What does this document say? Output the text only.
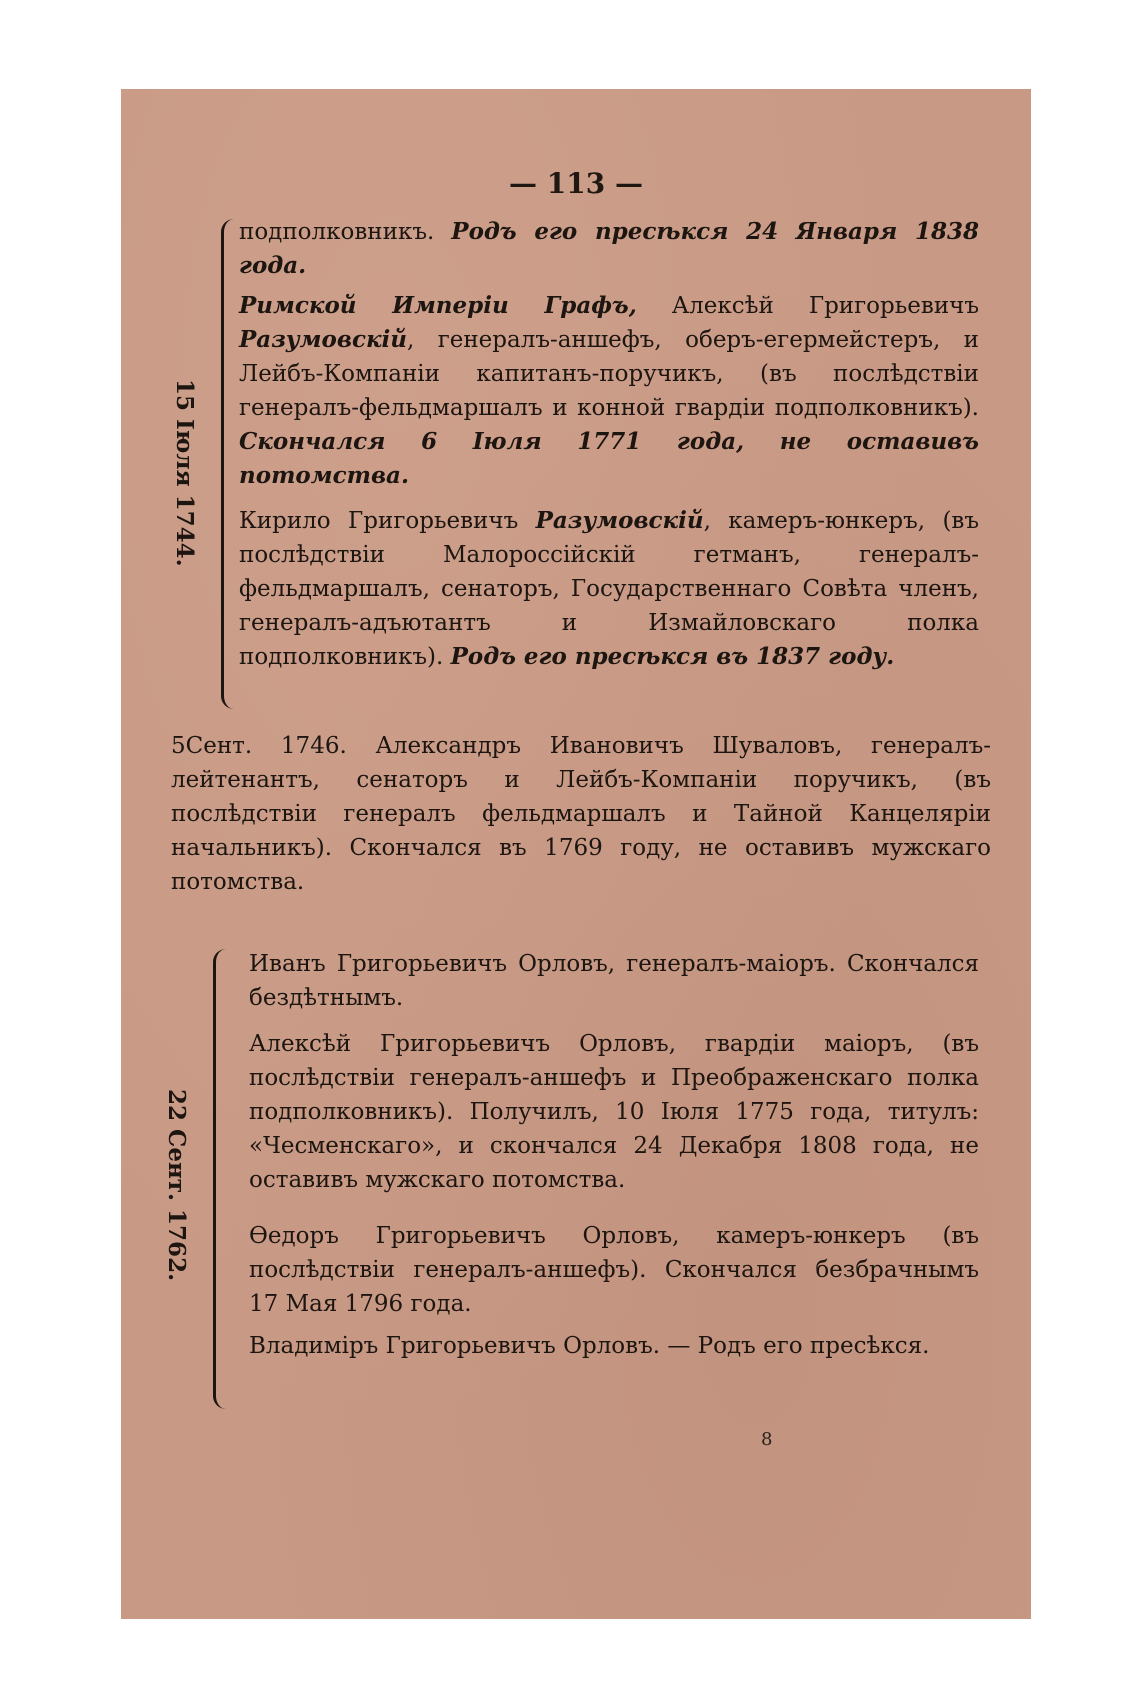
— 113 —
15 Іюля 1744.
подполковникъ. Родъ его пресѣкся 24 Января 1838 года.
Римской Имперіи Графъ, Алексѣй Григорьевичъ Разумовскій, генералъ-аншефъ, оберъ-егермейстеръ, и Лейбъ-Компаніи капитанъ-поручикъ, (въ послѣдствіи генералъ-фельдмаршалъ и конной гвардіи подполковникъ). Скончался 6 Іюля 1771 года, не оставивъ потомства.
Кирило Григорьевичъ Разумовскій, камеръ-юнкеръ, (въ послѣдствіи Малороссійскій гетманъ, генералъ-фельдмаршалъ, сенаторъ, Государственнаго Совѣта членъ, генералъ-адъютантъ и Измайловскаго полка подполковникъ). Родъ его пресѣкся въ 1837 году.
5Сент. 1746. Александръ Ивановичъ Шуваловъ, генералъ-лейтенантъ, сенаторъ и Лейбъ-Компаніи поручикъ, (въ послѣдствіи генералъ фельдмаршалъ и Тайной Канцеляріи начальникъ). Скончался въ 1769 году, не оставивъ мужскаго потомства.
22 Сент. 1762.
Иванъ Григорьевичъ Орловъ, генералъ-маіоръ. Скончался бездѣтнымъ.
Алексѣй Григорьевичъ Орловъ, гвардіи маіоръ, (въ послѣдствіи генералъ-аншефъ и Преображенскаго полка подполковникъ). Получилъ, 10 Іюля 1775 года, титулъ: «Чесменскаго», и скончался 24 Декабря 1808 года, не оставивъ мужскаго потомства.
Ѳедоръ Григорьевичъ Орловъ, камеръ-юнкеръ (въ послѣдствіи генералъ-аншефъ). Скончался безбрачнымъ 17 Мая 1796 года.
Владиміръ Григорьевичъ Орловъ. — Родъ его пресѣкся.
8
